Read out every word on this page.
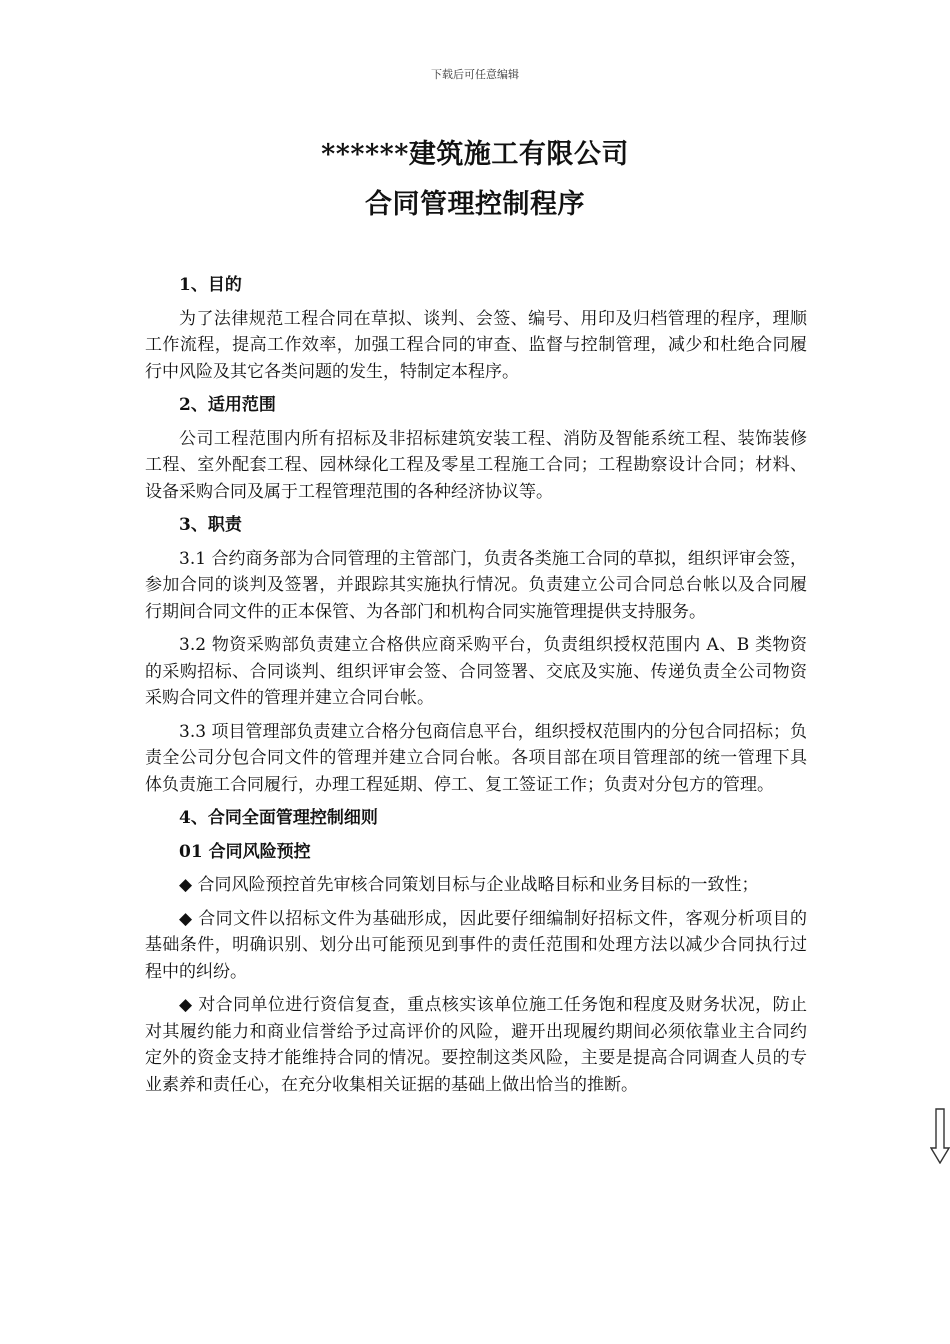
下载后可任意编辑
******建筑施工有限公司
合同管理控制程序

1、目的

为了法律规范工程合同在草拟、谈判、会签、编号、用印及归档管理的程序，理顺工作流程，提高工作效率，加强工程合同的审查、监督与控制管理，减少和杜绝合同履行中风险及其它各类问题的发生，特制定本程序。

2、适用范围

公司工程范围内所有招标及非招标建筑安装工程、消防及智能系统工程、装饰装修工程、室外配套工程、园林绿化工程及零星工程施工合同；工程勘察设计合同；材料、设备采购合同及属于工程管理范围的各种经济协议等。

3、职责

3.1 合约商务部为合同管理的主管部门，负责各类施工合同的草拟，组织评审会签，参加合同的谈判及签署，并跟踪其实施执行情况。负责建立公司合同总台帐以及合同履行期间合同文件的正本保管、为各部门和机构合同实施管理提供支持服务。

3.2 物资采购部负责建立合格供应商采购平台，负责组织授权范围内 A、B 类物资的采购招标、合同谈判、组织评审会签、合同签署、交底及实施、传递负责全公司物资采购合同文件的管理并建立合同台帐。

3.3 项目管理部负责建立合格分包商信息平台，组织授权范围内的分包合同招标；负责全公司分包合同文件的管理并建立合同台帐。各项目部在项目管理部的统一管理下具体负责施工合同履行，办理工程延期、停工、复工签证工作；负责对分包方的管理。

4、合同全面管理控制细则

01 合同风险预控

◆ 合同风险预控首先审核合同策划目标与企业战略目标和业务目标的一致性；

◆ 合同文件以招标文件为基础形成，因此要仔细编制好招标文件，客观分析项目的基础条件，明确识别、划分出可能预见到事件的责任范围和处理方法以减少合同执行过程中的纠纷。

◆ 对合同单位进行资信复查，重点核实该单位施工任务饱和程度及财务状况，防止对其履约能力和商业信誉给予过高评价的风险，避开出现履约期间必须依靠业主合同约定外的资金支持才能维持合同的情况。要控制这类风险，主要是提高合同调查人员的专业素养和责任心，在充分收集相关证据的基础上做出恰当的推断。
